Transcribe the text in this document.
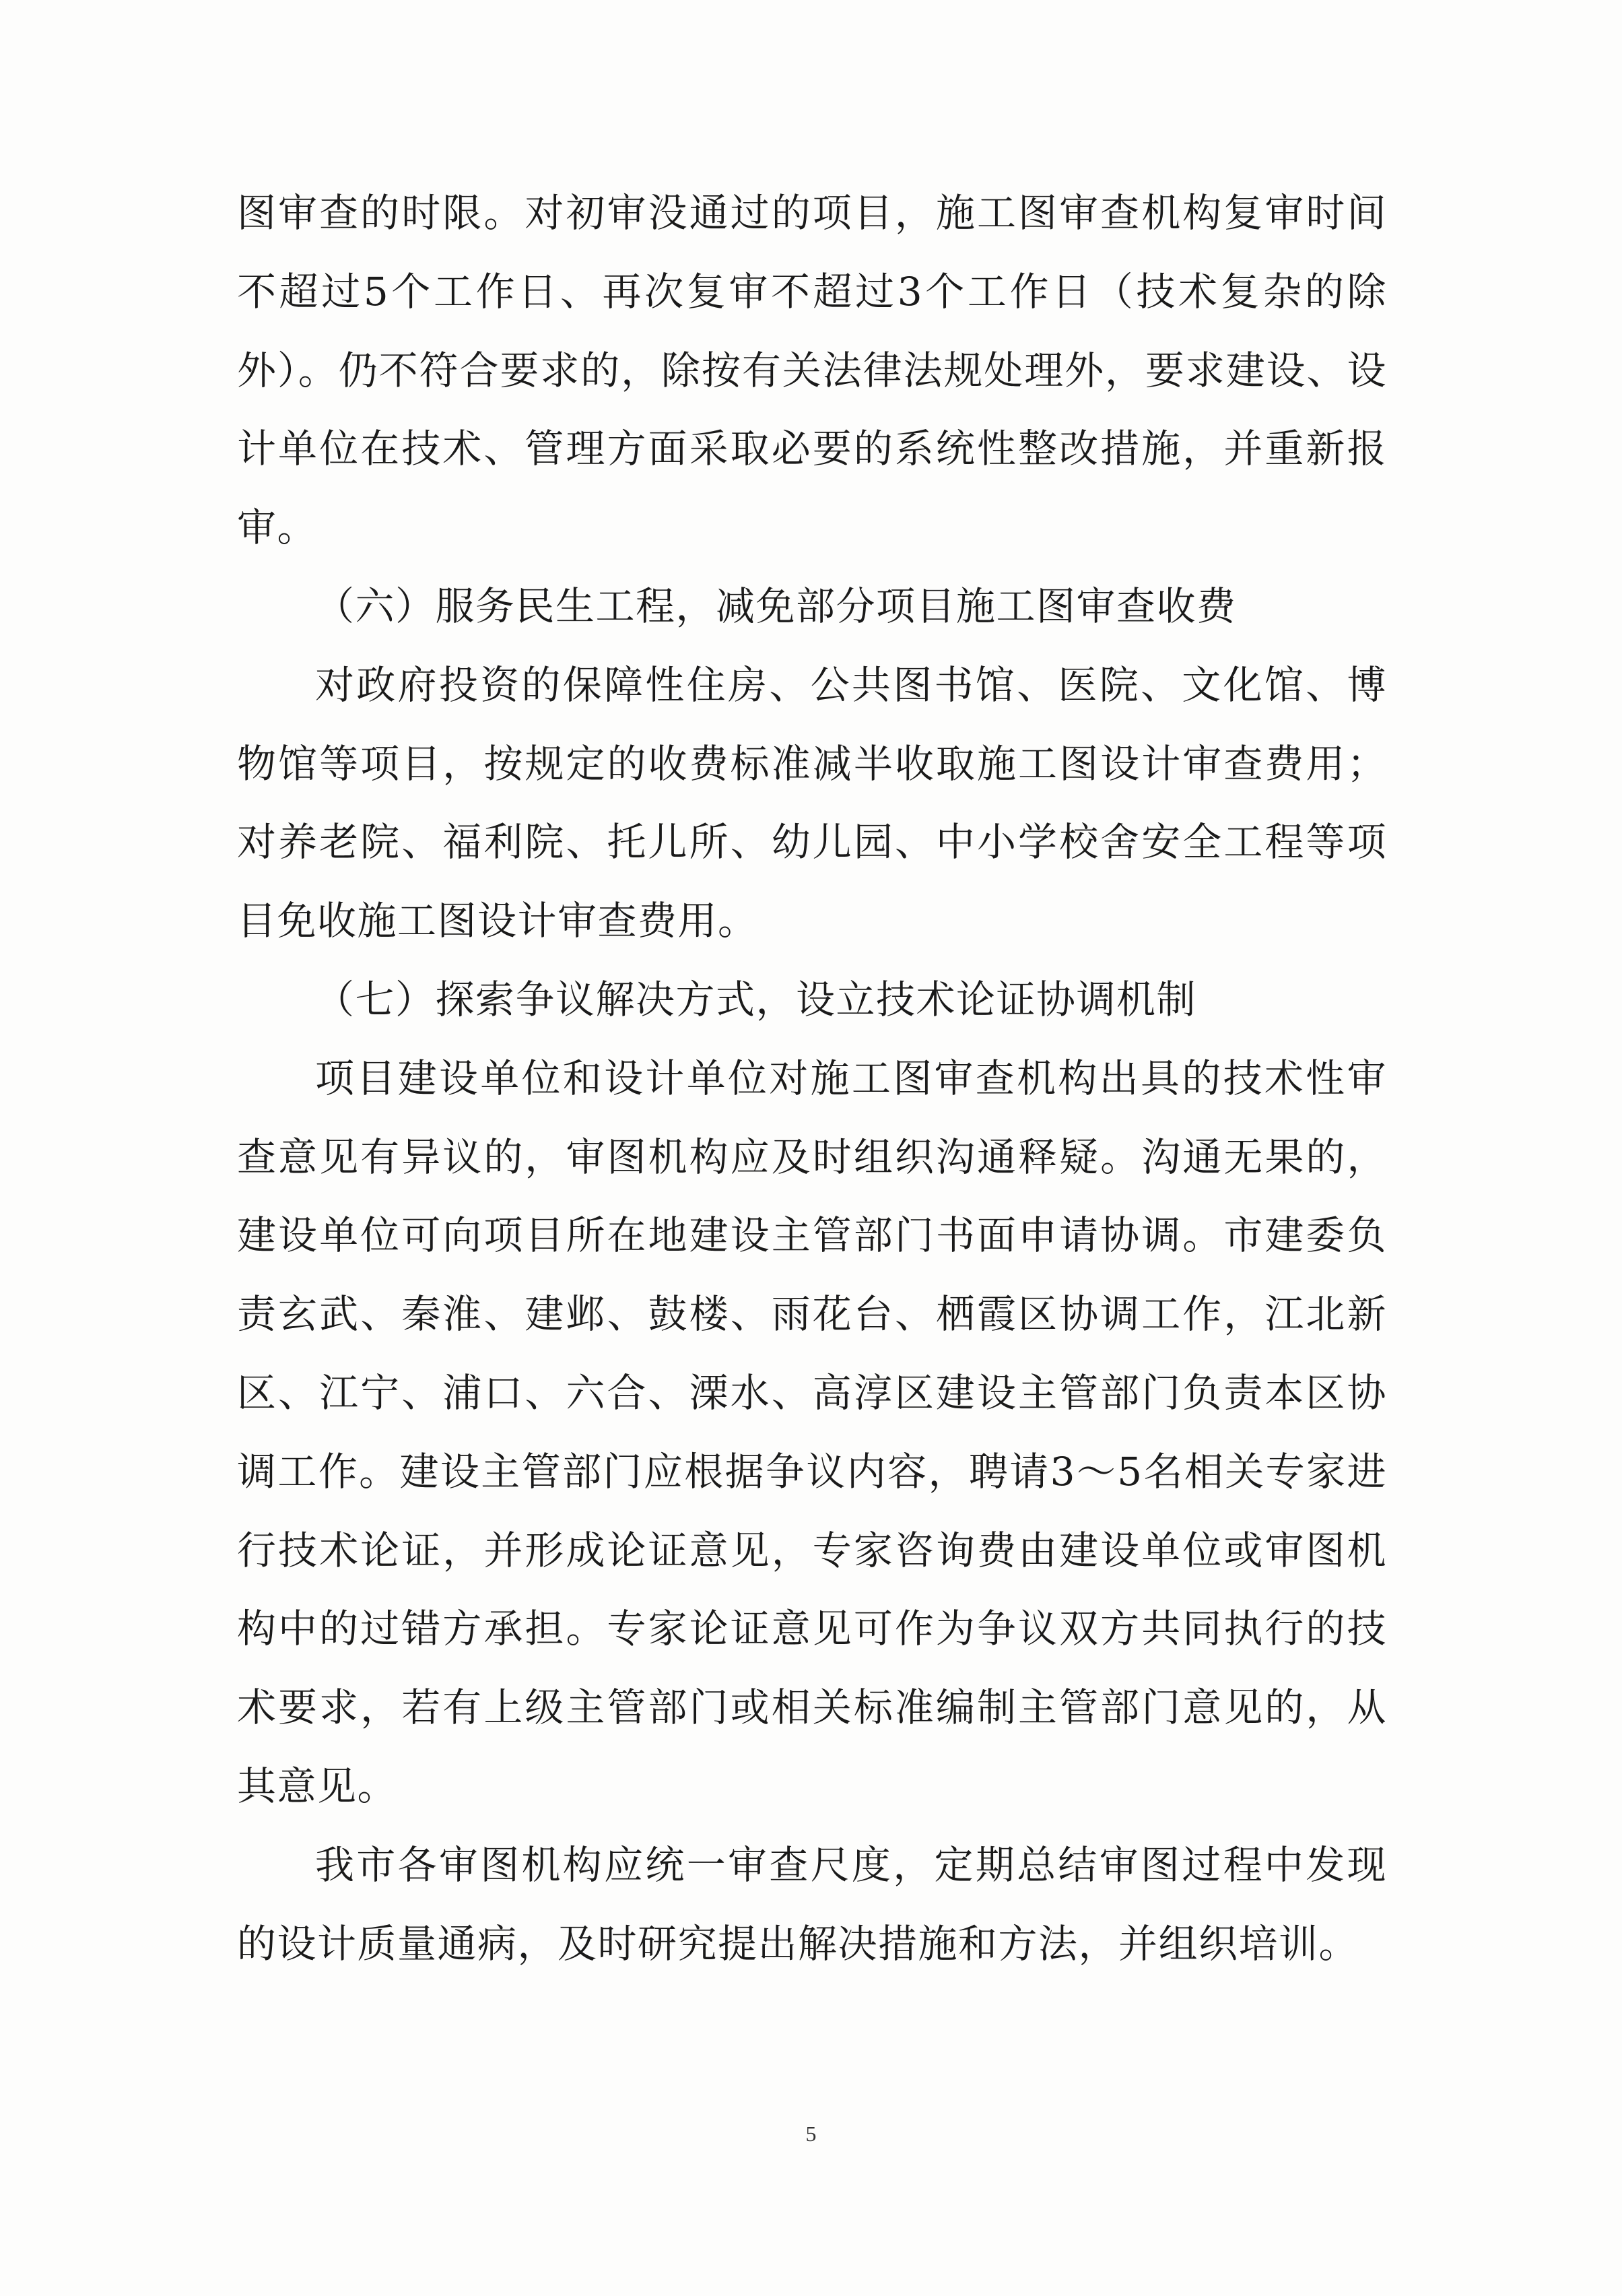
图审查的时限。对初审没通过的项目，施工图审查机构复审时间不超过5个工作日、再次复审不超过3个工作日（技术复杂的除外）。仍不符合要求的，除按有关法律法规处理外，要求建设、设计单位在技术、管理方面采取必要的系统性整改措施，并重新报审。

（六）服务民生工程，减免部分项目施工图审查收费

对政府投资的保障性住房、公共图书馆、医院、文化馆、博物馆等项目，按规定的收费标准减半收取施工图设计审查费用；对养老院、福利院、托儿所、幼儿园、中小学校舍安全工程等项目免收施工图设计审查费用。

（七）探索争议解决方式，设立技术论证协调机制

项目建设单位和设计单位对施工图审查机构出具的技术性审查意见有异议的，审图机构应及时组织沟通释疑。沟通无果的，建设单位可向项目所在地建设主管部门书面申请协调。市建委负责玄武、秦淮、建邺、鼓楼、雨花台、栖霞区协调工作，江北新区、江宁、浦口、六合、溧水、高淳区建设主管部门负责本区协调工作。建设主管部门应根据争议内容，聘请3～5名相关专家进行技术论证，并形成论证意见，专家咨询费由建设单位或审图机构中的过错方承担。专家论证意见可作为争议双方共同执行的技术要求，若有上级主管部门或相关标准编制主管部门意见的，从其意见。

我市各审图机构应统一审查尺度，定期总结审图过程中发现的设计质量通病，及时研究提出解决措施和方法，并组织培训。

5
